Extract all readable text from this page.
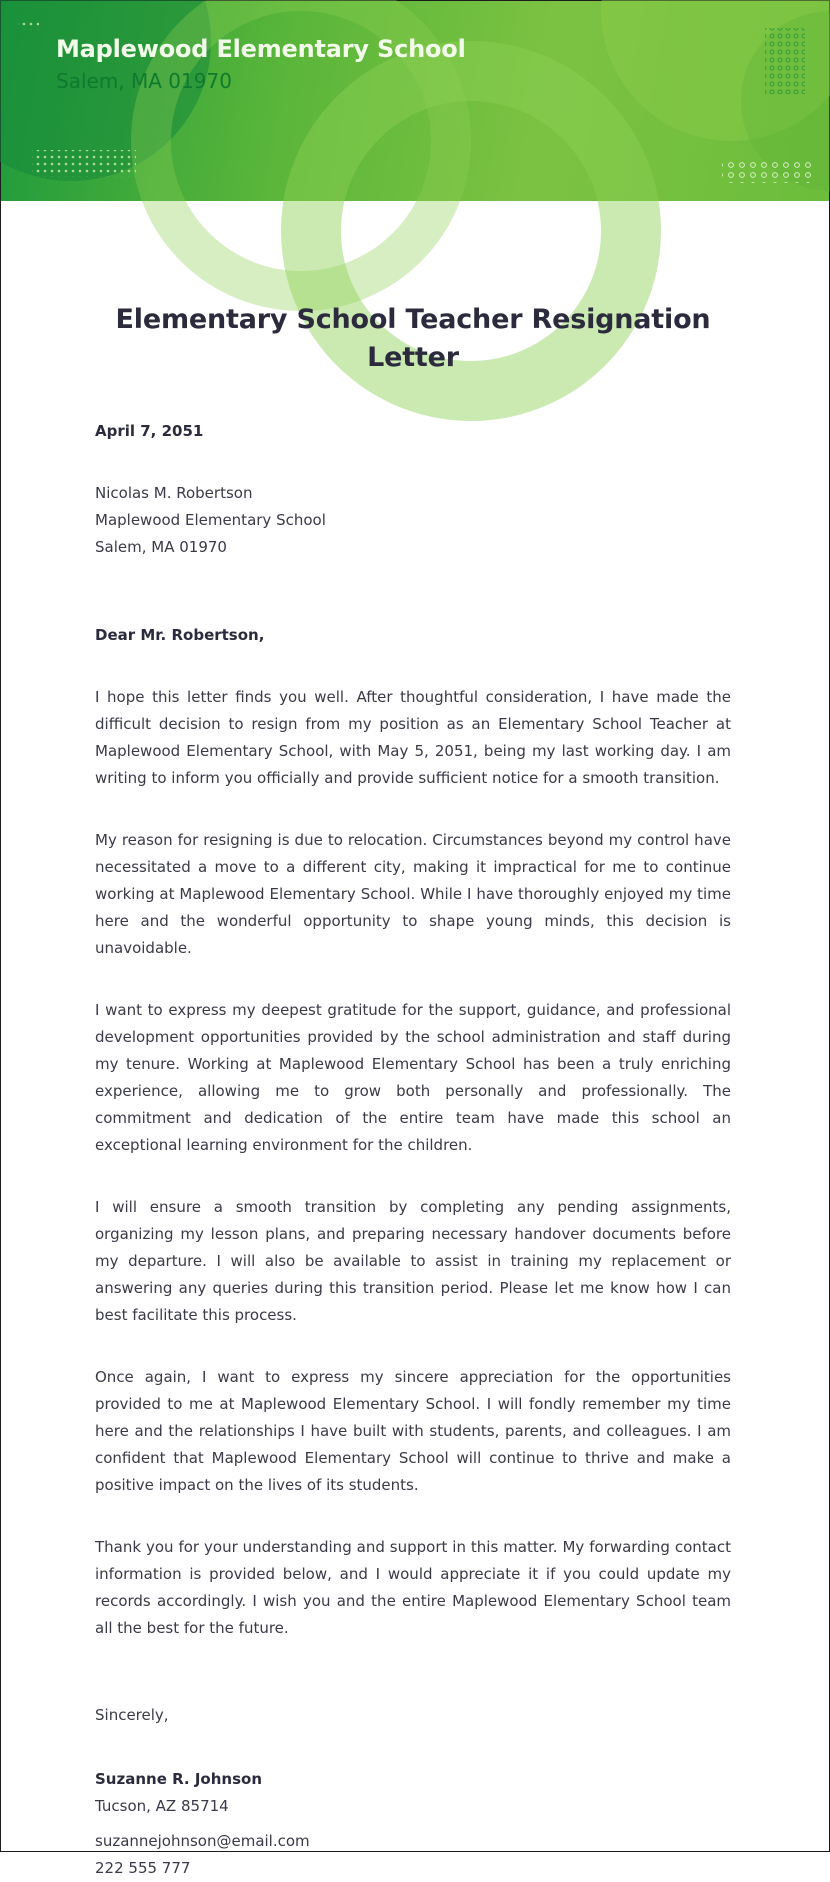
Maplewood Elementary School
Salem, MA 01970
Elementary School Teacher Resignation Letter
April 7, 2051
Nicolas M. Robertson
Maplewood Elementary School
Salem, MA 01970
Dear Mr. Robertson,

I hope this letter finds you well. After thoughtful consideration, I have made the difficult decision to resign from my position as an Elementary School Teacher at Maplewood Elementary School, with May 5, 2051, being my last working day. I am writing to inform you officially and provide sufficient notice for a smooth transition.

My reason for resigning is due to relocation. Circumstances beyond my control have necessitated a move to a different city, making it impractical for me to continue working at Maplewood Elementary School. While I have thoroughly enjoyed my time here and the wonderful opportunity to shape young minds, this decision is unavoidable.

I want to express my deepest gratitude for the support, guidance, and professional development opportunities provided by the school administration and staff during my tenure. Working at Maplewood Elementary School has been a truly enriching experience, allowing me to grow both personally and professionally. The commitment and dedication of the entire team have made this school an exceptional learning environment for the children.

I will ensure a smooth transition by completing any pending assignments, organizing my lesson plans, and preparing necessary handover documents before my departure. I will also be available to assist in training my replacement or answering any queries during this transition period. Please let me know how I can best facilitate this process.

Once again, I want to express my sincere appreciation for the opportunities provided to me at Maplewood Elementary School. I will fondly remember my time here and the relationships I have built with students, parents, and colleagues. I am confident that Maplewood Elementary School will continue to thrive and make a positive impact on the lives of its students.

Thank you for your understanding and support in this matter. My forwarding contact information is provided below, and I would appreciate it if you could update my records accordingly. I wish you and the entire Maplewood Elementary School team all the best for the future.

Sincerely,
Suzanne R. Johnson
Tucson, AZ 85714
suzannejohnson@email.com
222 555 777
